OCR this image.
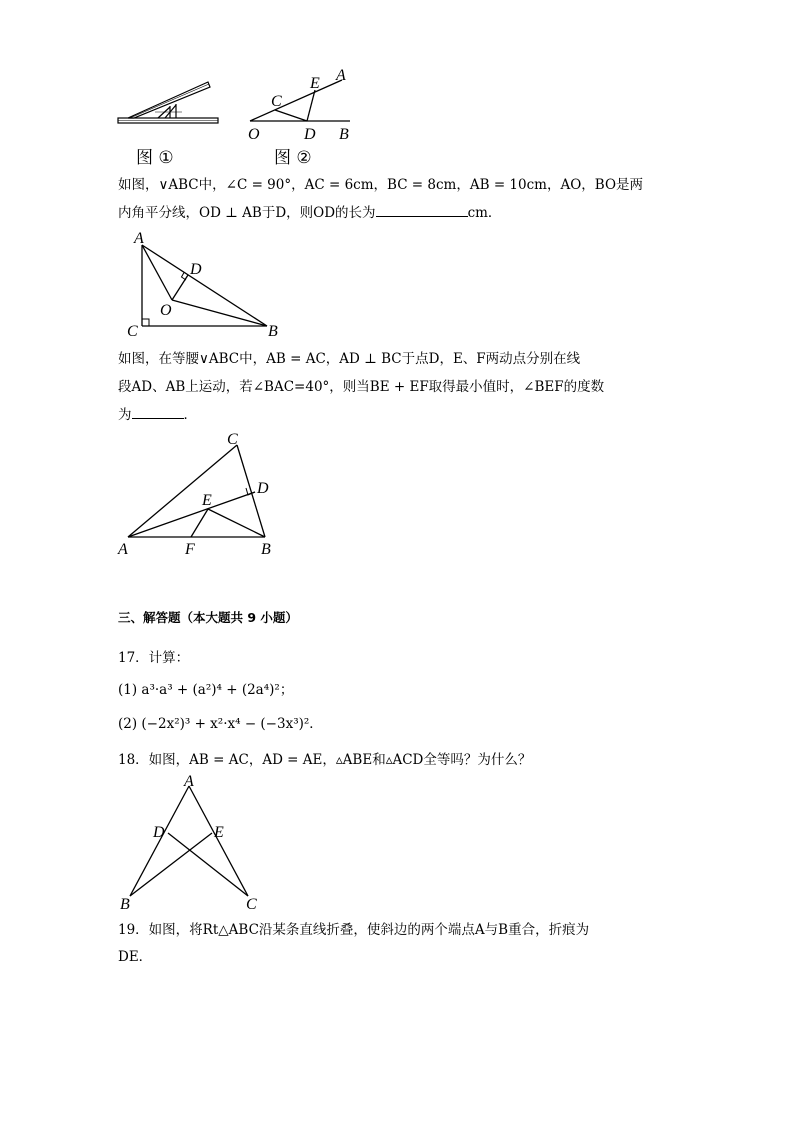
E A
C
O	D B
图 ①	图 ②
如图，∨ABC中，∠C = 90°，AC = 6cm，BC = 8cm，AB = 10cm，AO，BO是两
内角平分线，OD ⊥ AB于D，则OD的长为	cm．
A
D
O
C	B
如图，在等腰∨ABC中，AB = AC，AD ⊥ BC于点D，E、F两动点分别在线
段AD、AB上运动，若∠BAC=40°，则当BE + EF取得最小值时，∠BEF的度数
为	．
C
D
E
A	F	B
三、解答题（本大题共 9 小题）
17．计算：
(1) a³·a³ + (a²)⁴ + (2a⁴)²；
(2) (−2x²)³ + x²·x⁴ − (−3x³)²．
18．如图，AB = AC，AD = AE，▵ABE和▵ACD全等吗？为什么？
A
D	E
B	C
19．如图，将Rt△ABC沿某条直线折叠，使斜边的两个端点A与B重合，折痕为
DE．
